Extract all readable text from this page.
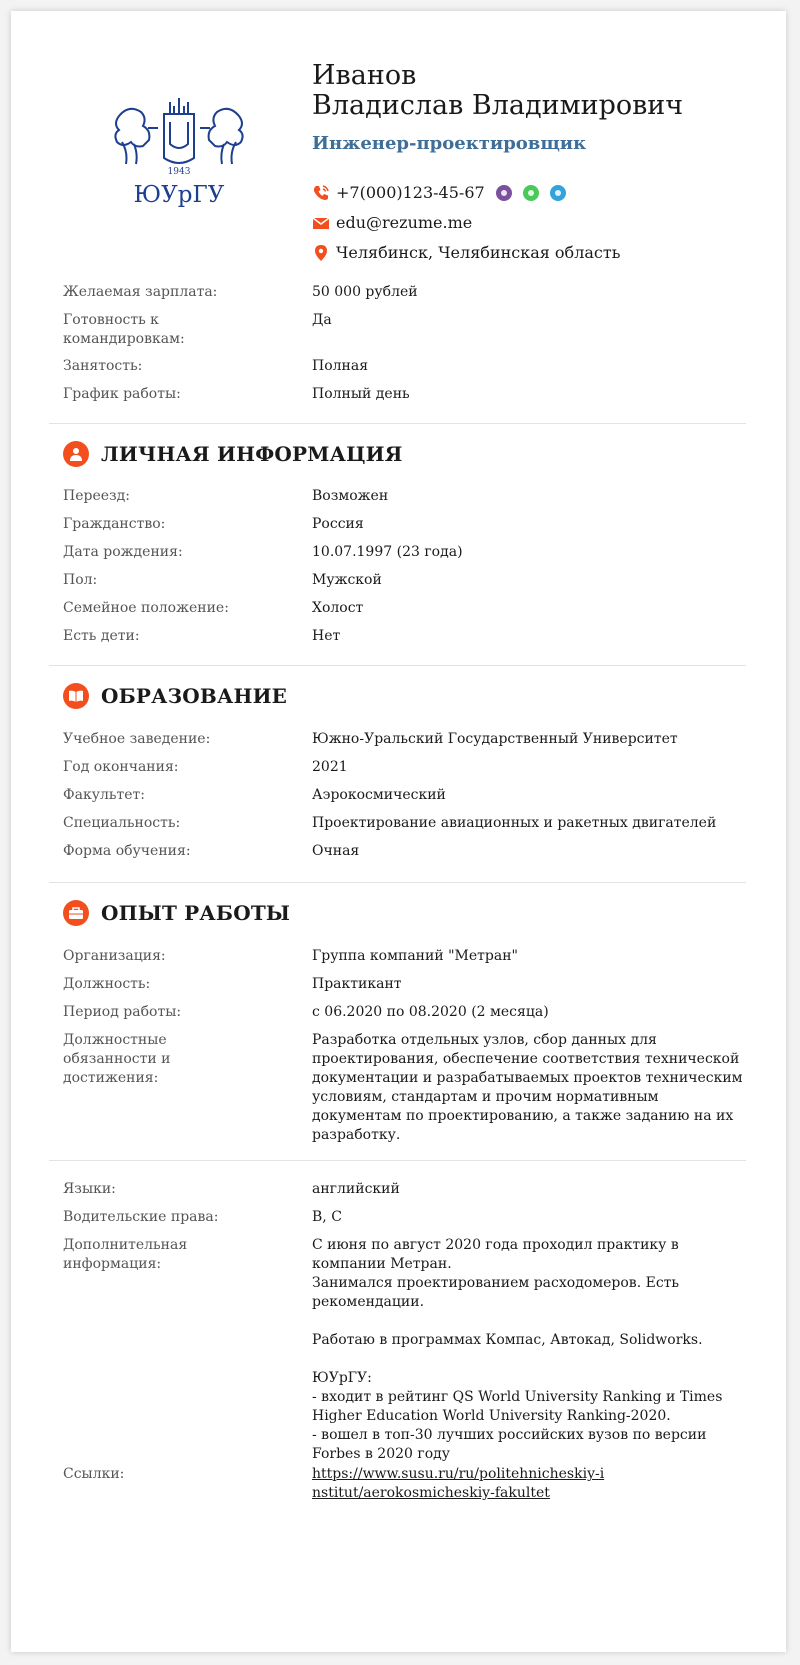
1943
ЮУрГУ
Иванов
Владислав Владимирович
Инженер-проектировщик
+7(000)123-45-67
edu@rezume.me
Челябинск, Челябинская область
Желаемая зарплата:	50 000 рублей
Готовность к командировкам:
Да
Занятость:	Полная
График работы:	Полный день
ЛИЧНАЯ ИНФОРМАЦИЯ
Переезд:	Возможен
Гражданство:	Россия
Дата рождения:	10.07.1997 (23 года)
Пол:	Мужской
Семейное положение:	Холост
Есть дети:	Нет
ОБРАЗОВАНИЕ
Учебное заведение:	Южно-Уральский Государственный Университет
Год окончания:	2021
Факультет:	Аэрокосмический
Специальность:	Проектирование авиационных и ракетных двигателей
Форма обучения:	Очная
ОПЫТ РАБОТЫ
Организация:	Группа компаний "Метран"
Должность:	Практикант
Период работы:	с 06.2020 по 08.2020 (2 месяца)
Должностные обязанности и достижения:
Разработка отдельных узлов, сбор данных для проектирования, обеспечение соответствия технической документации и разрабатываемых проектов техническим условиям, стандартам и прочим нормативным документам по проектированию, а также заданию на их разработку.
Языки:	английский
Водительские права:	B, C
Дополнительная информация:
С июня по август 2020 года проходил практику в компании Метран.
Занимался проектированием расходомеров. Есть рекомендации.

Работаю в программах Компас, Автокад, Solidworks.

ЮУрГУ:
- входит в рейтинг QS World University Ranking и Times Higher Education World University Ranking-2020.
- вошел в топ-30 лучших российских вузов по версии Forbes в 2020 году
Ссылки:	https://www.susu.ru/ru/politehnicheskiy-institut/aerokosmicheskiy-fakultet
